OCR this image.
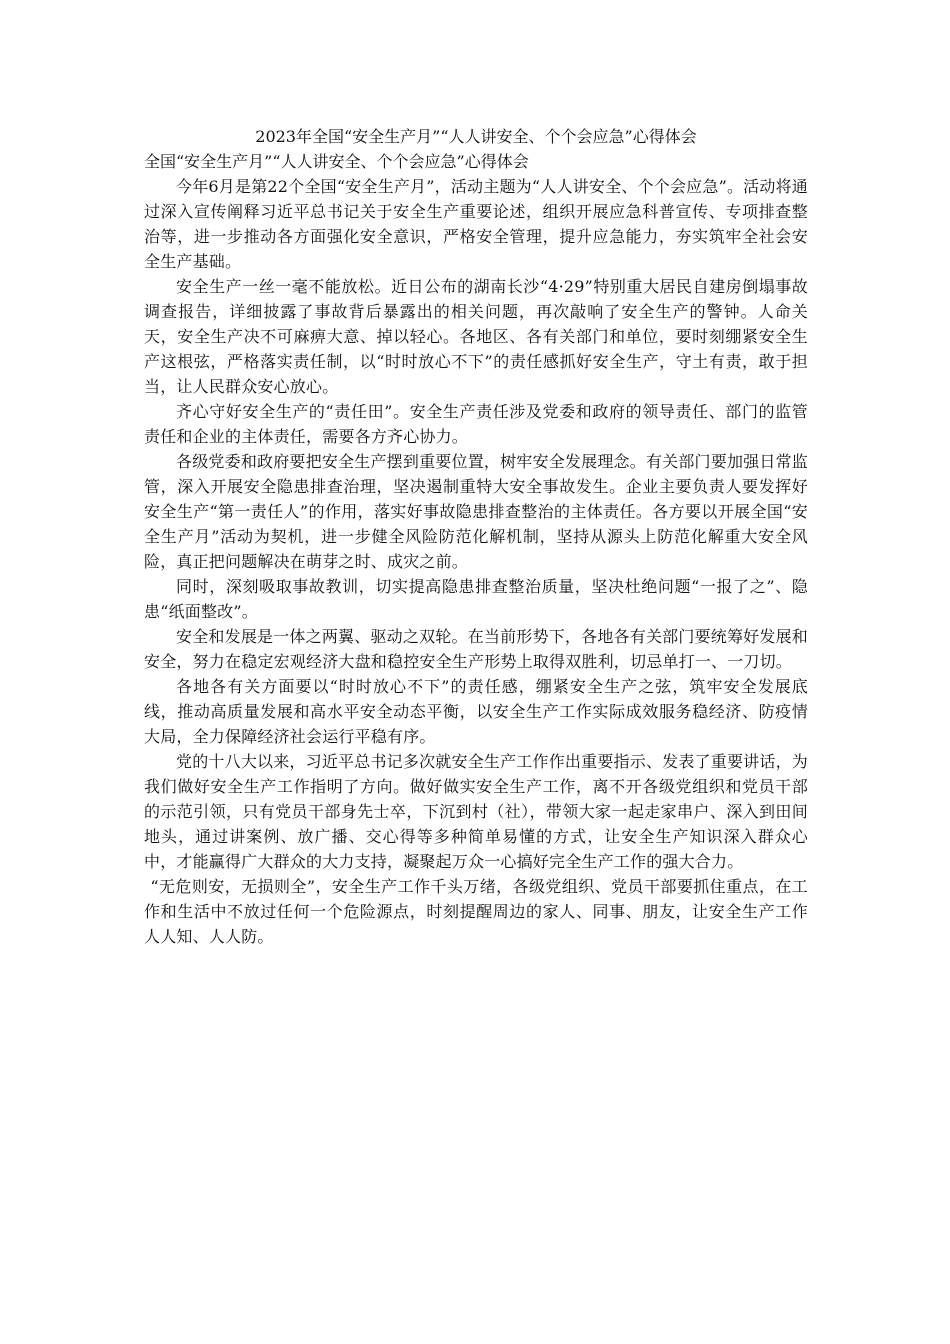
2023年全国“安全生产月”“人人讲安全、个个会应急”心得体会

全国“安全生产月”“人人讲安全、个个会应急”心得体会

今年6月是第22个全国“安全生产月”，活动主题为“人人讲安全、个个会应急”。活动将通过深入宣传阐释习近平总书记关于安全生产重要论述，组织开展应急科普宣传、专项排查整治等，进一步推动各方面强化安全意识，严格安全管理，提升应急能力，夯实筑牢全社会安全生产基础。

安全生产一丝一毫不能放松。近日公布的湖南长沙“4·29”特别重大居民自建房倒塌事故调查报告，详细披露了事故背后暴露出的相关问题，再次敲响了安全生产的警钟。人命关天，安全生产决不可麻痹大意、掉以轻心。各地区、各有关部门和单位，要时刻绷紧安全生产这根弦，严格落实责任制，以“时时放心不下”的责任感抓好安全生产，守土有责，敢于担当，让人民群众安心放心。

齐心守好安全生产的“责任田”。安全生产责任涉及党委和政府的领导责任、部门的监管责任和企业的主体责任，需要各方齐心协力。

各级党委和政府要把安全生产摆到重要位置，树牢安全发展理念。有关部门要加强日常监管，深入开展安全隐患排查治理，坚决遏制重特大安全事故发生。企业主要负责人要发挥好安全生产“第一责任人”的作用，落实好事故隐患排查整治的主体责任。各方要以开展全国“安全生产月”活动为契机，进一步健全风险防范化解机制，坚持从源头上防范化解重大安全风险，真正把问题解决在萌芽之时、成灾之前。

同时，深刻吸取事故教训，切实提高隐患排查整治质量，坚决杜绝问题“一报了之”、隐患“纸面整改”。

安全和发展是一体之两翼、驱动之双轮。在当前形势下，各地各有关部门要统筹好发展和安全，努力在稳定宏观经济大盘和稳控安全生产形势上取得双胜利，切忌单打一、一刀切。

各地各有关方面要以“时时放心不下”的责任感，绷紧安全生产之弦，筑牢安全发展底线，推动高质量发展和高水平安全动态平衡，以安全生产工作实际成效服务稳经济、防疫情大局，全力保障经济社会运行平稳有序。

党的十八大以来，习近平总书记多次就安全生产工作作出重要指示、发表了重要讲话，为我们做好安全生产工作指明了方向。做好做实安全生产工作，离不开各级党组织和党员干部的示范引领，只有党员干部身先士卒，下沉到村（社），带领大家一起走家串户、深入到田间地头，通过讲案例、放广播、交心得等多种简单易懂的方式，让安全生产知识深入群众心中，才能赢得广大群众的大力支持，凝聚起万众一心搞好完全生产工作的强大合力。

“无危则安，无损则全”，安全生产工作千头万绪，各级党组织、党员干部要抓住重点，在工作和生活中不放过任何一个危险源点，时刻提醒周边的家人、同事、朋友，让安全生产工作人人知、人人防。
